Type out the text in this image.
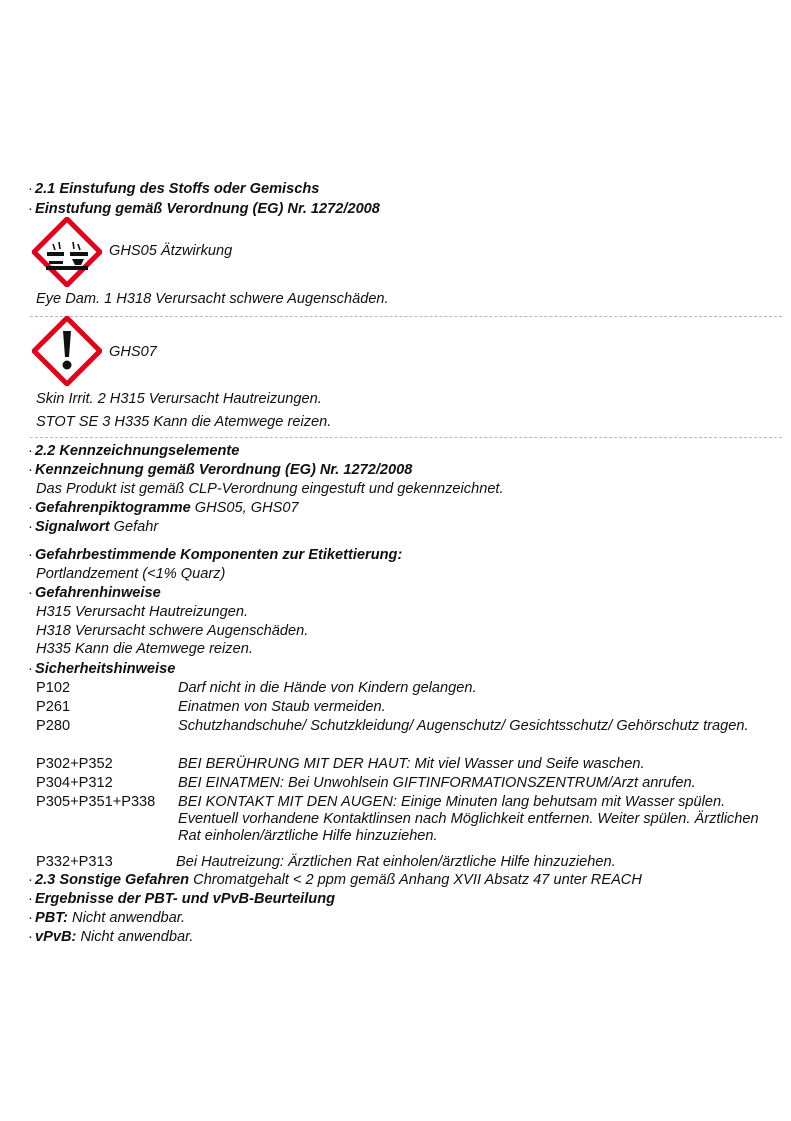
· 2.1 Einstufung des Stoffs oder Gemischs
· Einstufung gemäß Verordnung (EG) Nr. 1272/2008
GHS05 Ätzwirkung
Eye Dam. 1 H318 Verursacht schwere Augenschäden.
GHS07
Skin Irrit. 2 H315 Verursacht Hautreizungen.
STOT SE 3 H335 Kann die Atemwege reizen.
· 2.2 Kennzeichnungselemente
· Kennzeichnung gemäß Verordnung (EG) Nr. 1272/2008
Das Produkt ist gemäß CLP-Verordnung eingestuft und gekennzeichnet.
· Gefahrenpiktogramme GHS05, GHS07
· Signalwort Gefahr
· Gefahrbestimmende Komponenten zur Etikettierung:
Portlandzement (<1% Quarz)
· Gefahrenhinweise
H315 Verursacht Hautreizungen.
H318 Verursacht schwere Augenschäden.
H335 Kann die Atemwege reizen.
· Sicherheitshinweise
P102	Darf nicht in die Hände von Kindern gelangen.
P261	Einatmen von Staub vermeiden.
P280	Schutzhandschuhe/ Schutzkleidung/ Augenschutz/ Gesichtsschutz/ Gehörschutz tragen.
P302+P352	BEI BERÜHRUNG MIT DER HAUT: Mit viel Wasser und Seife waschen.
P304+P312	BEI EINATMEN: Bei Unwohlsein GIFTINFORMATIONSZENTRUM/Arzt anrufen.
P305+P351+P338 BEI KONTAKT MIT DEN AUGEN: Einige Minuten lang behutsam mit Wasser spülen. Eventuell vorhandene Kontaktlinsen nach Möglichkeit entfernen. Weiter spülen. Ärztlichen Rat einholen/ärztliche Hilfe hinzuziehen.
P332+P313	Bei Hautreizung: Ärztlichen Rat einholen/ärztliche Hilfe hinzuziehen.
· 2.3 Sonstige Gefahren Chromatgehalt < 2 ppm gemäß Anhang XVII Absatz 47 unter REACH
· Ergebnisse der PBT- und vPvB-Beurteilung
· PBT: Nicht anwendbar.
· vPvB: Nicht anwendbar.
